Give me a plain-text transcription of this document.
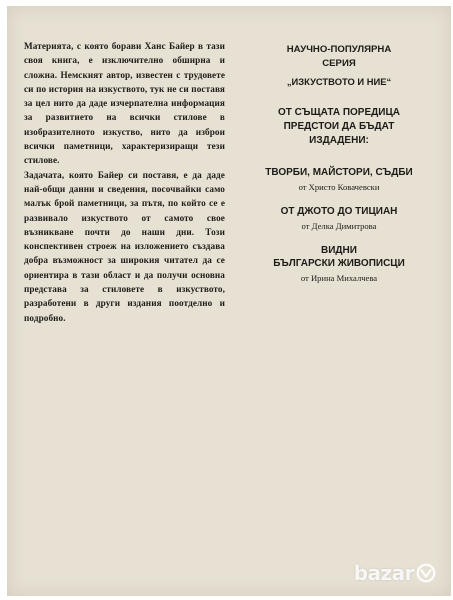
Материята, с която борави Ханс Байер в тази своя книга, е изключително обширна и сложна. Немският автор, известен с трудовете си по история на изкуството, тук не си поставя за цел нито да даде изчерпателна информация за развитието на всички стилове в изобразителното изкуство, нито да изброи всички паметници, характеризиращи тези стилове.
Задачата, която Байер си поставя, е да даде най-общи данни и сведения, посочвайки само малък брой паметници, за пътя, по който се е развивало изкуството от самото свое възникване почти до наши дни. Този конспективен строеж на изложението създава добра възможност за широкия читател да се ориентира в тази област и да получи основна представа за стиловете в изкуството, разработени в други издания поотделно и подробно.
НАУЧНО-ПОПУЛЯРНА
СЕРИЯ
„ИЗКУСТВОТО И НИЕ“
ОТ СЪЩАТА ПОРЕДИЦА
ПРЕДСТОИ ДА БЪДАТ
ИЗДАДЕНИ:
ТВОРБИ, МАЙСТОРИ, СЪДБИ
от Христо Ковачевски
ОТ ДЖОТО ДО ТИЦИАН
от Делка Димитрова
ВИДНИ
БЪЛГАРСКИ ЖИВОПИСЦИ
от Ирина Михалчева
bazar
